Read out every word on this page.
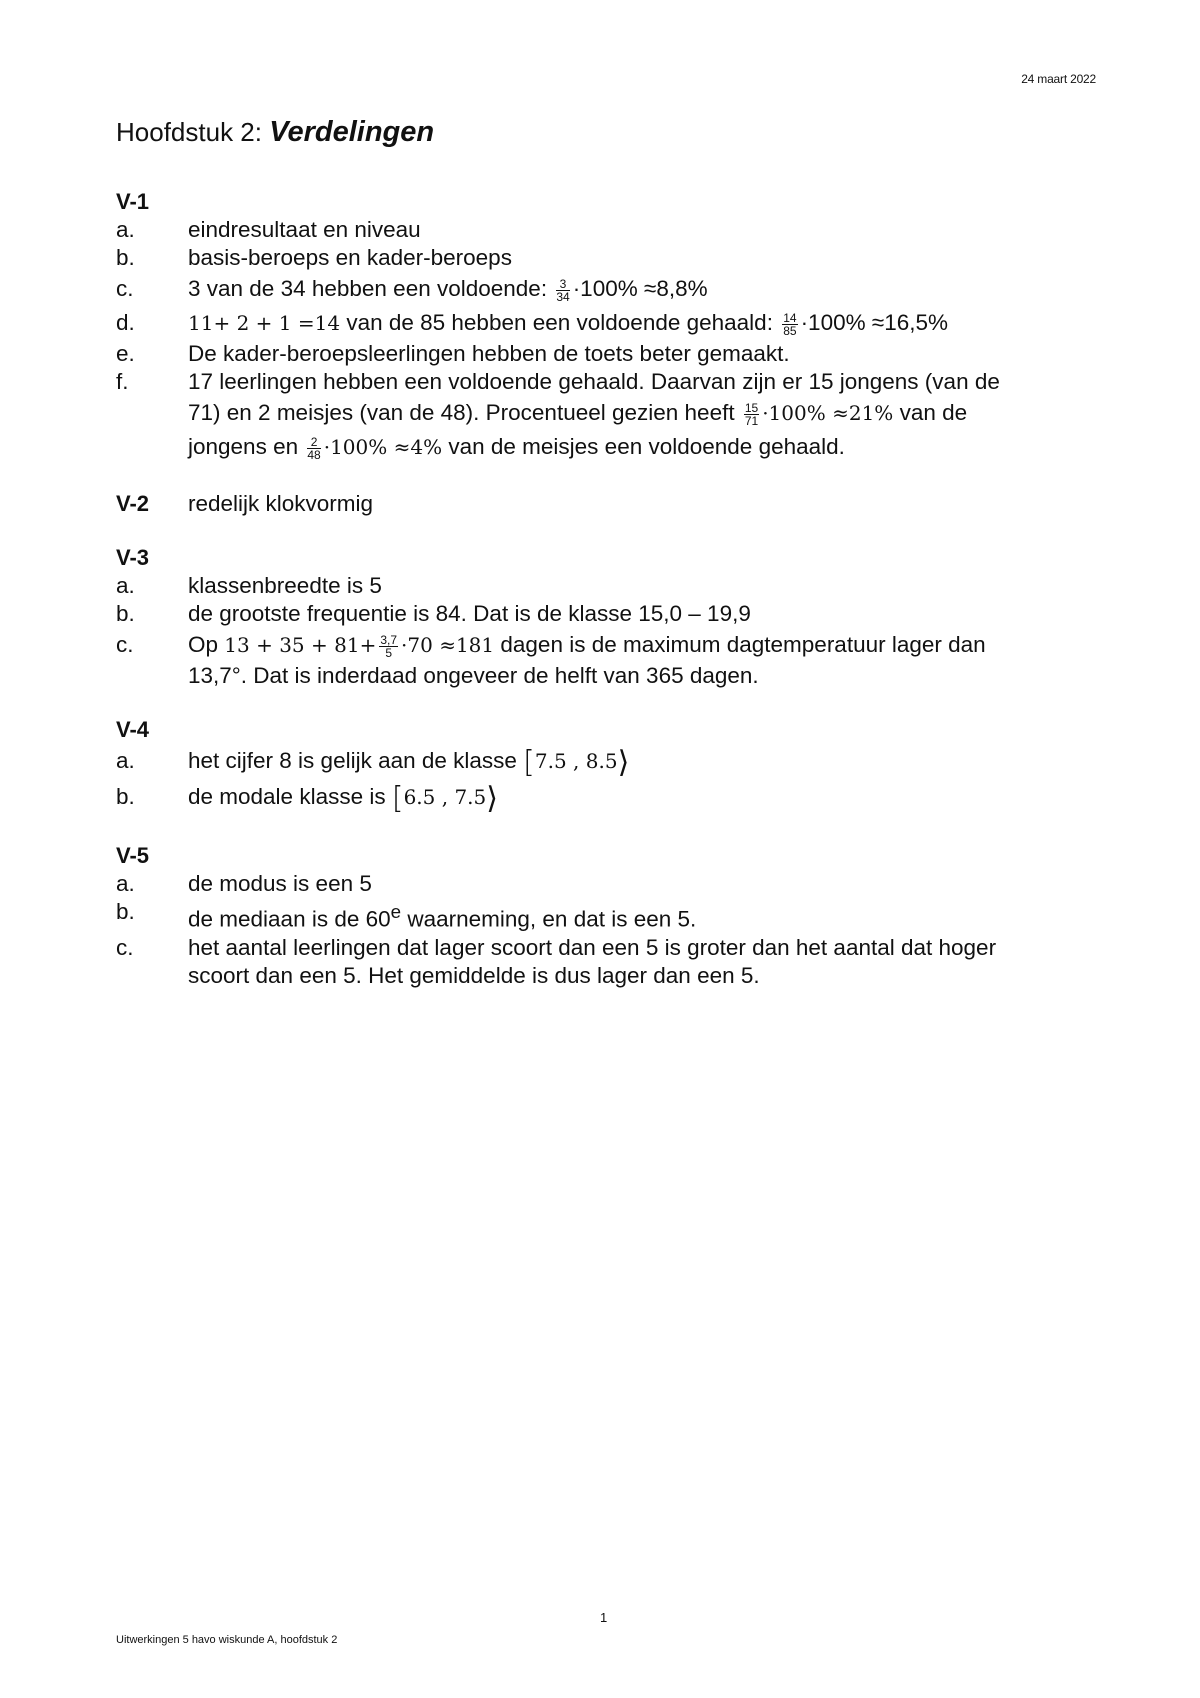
24 maart 2022
Hoofdstuk 2: Verdelingen
V-1
a.	eindresultaat en niveau
b.	basis-beroeps en kader-beroeps
c.	3 van de 34 hebben een voldoende: $\frac{3}{34} \cdot 100\% \approx 8,8\%$
d.	11+ 2 + 1 =14 van de 85 hebben een voldoende gehaald: $\frac{14}{85} \cdot 100\% \approx 16,5\%$
e.	De kader-beroepsleerlingen hebben de toets beter gemaakt.
f.	17 leerlingen hebben een voldoende gehaald. Daarvan zijn er 15 jongens (van de
71) en 2 meisjes (van de 48). Procentueel gezien heeft $\frac{15}{71} \cdot 100\% \approx 21\%$ van de
jongens en $\frac{2}{48} \cdot 100\% \approx 4\%$ van de meisjes een voldoende gehaald.
V-2	redelijk klokvormig
V-3
a.	klassenbreedte is 5
b.	de grootste frequentie is 84. Dat is de klasse 15,0 – 19,9
c.	Op $13 + 35 + 81+ \frac{3,7}{5} \cdot 70 \approx 181$ dagen is de maximum dagtemperatuur lager dan
13,7°. Dat is inderdaad ongeveer de helft van 365 dagen.
V-4
a.	het cijfer 8 is gelijk aan de klasse [7.5 , 8.5⟩
b.	de modale klasse is [6.5 , 7.5⟩
V-5
a.	de modus is een 5
b.	de mediaan is de 60e waarneming, en dat is een 5.
c.	het aantal leerlingen dat lager scoort dan een 5 is groter dan het aantal dat hoger
scoort dan een 5. Het gemiddelde is dus lager dan een 5.
1
Uitwerkingen 5 havo wiskunde A, hoofdstuk 2
